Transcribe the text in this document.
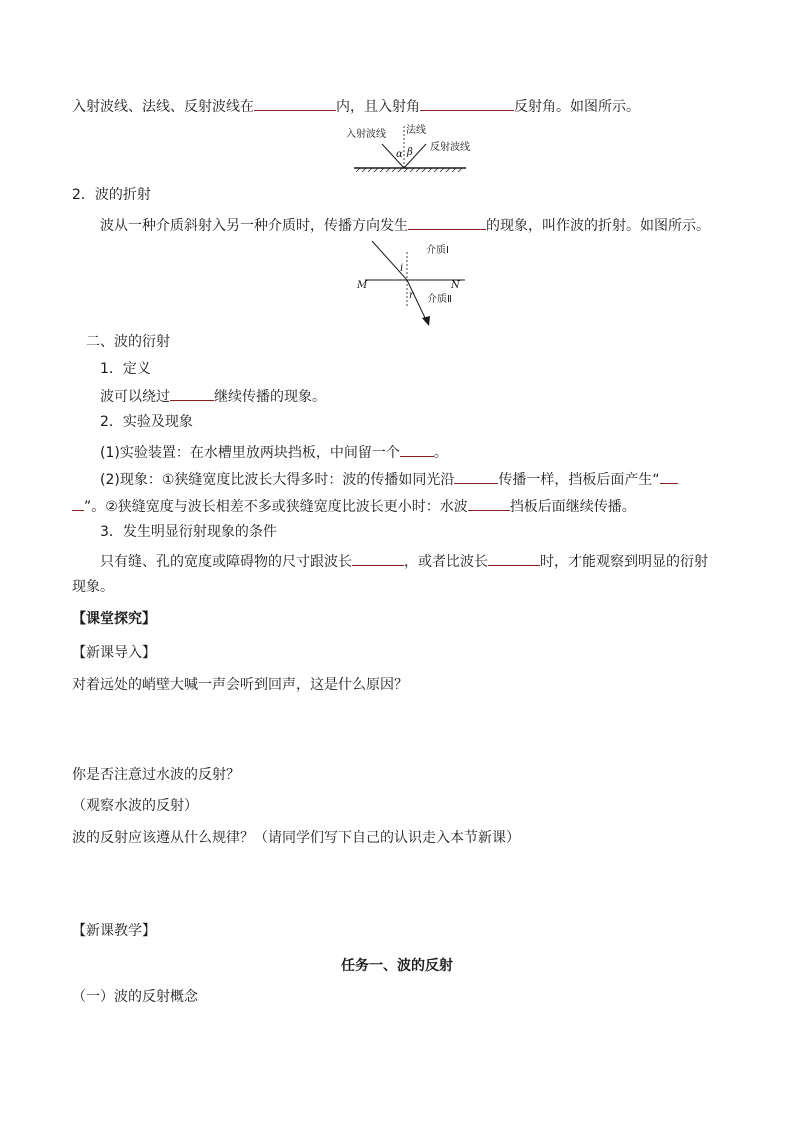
入射波线、法线、反射波线在	内，且入射角	反射角。如图所示。
入射波线 法线
反射波线
α β
2．波的折射
波从一种介质斜射入另一种介质时，传播方向发生	的现象，叫作波的折射。如图所示。
介质Ⅰ
介质Ⅱ
M	N
i
r
二、波的衍射
1．定义
波可以绕过	继续传播的现象。
2．实验及现象
(1)实验装置：在水槽里放两块挡板，中间留一个 。
(2)现象：①狭缝宽度比波长大得多时：波的传播如同光沿	传播一样，挡板后面产生“
”。②狭缝宽度与波长相差不多或狭缝宽度比波长更小时：水波	挡板后面继续传播。
3．发生明显衍射现象的条件
只有缝、孔的宽度或障碍物的尺寸跟波长	，或者比波长	时，才能观察到明显的衍射
现象。
【课堂探究】
【新课导入】
对着远处的峭壁大喊一声会听到回声，这是什么原因？
你是否注意过水波的反射？
（观察水波的反射）
波的反射应该遵从什么规律？（请同学们写下自己的认识走入本节新课）
【新课教学】
任务一、波的反射
（一）波的反射概念
